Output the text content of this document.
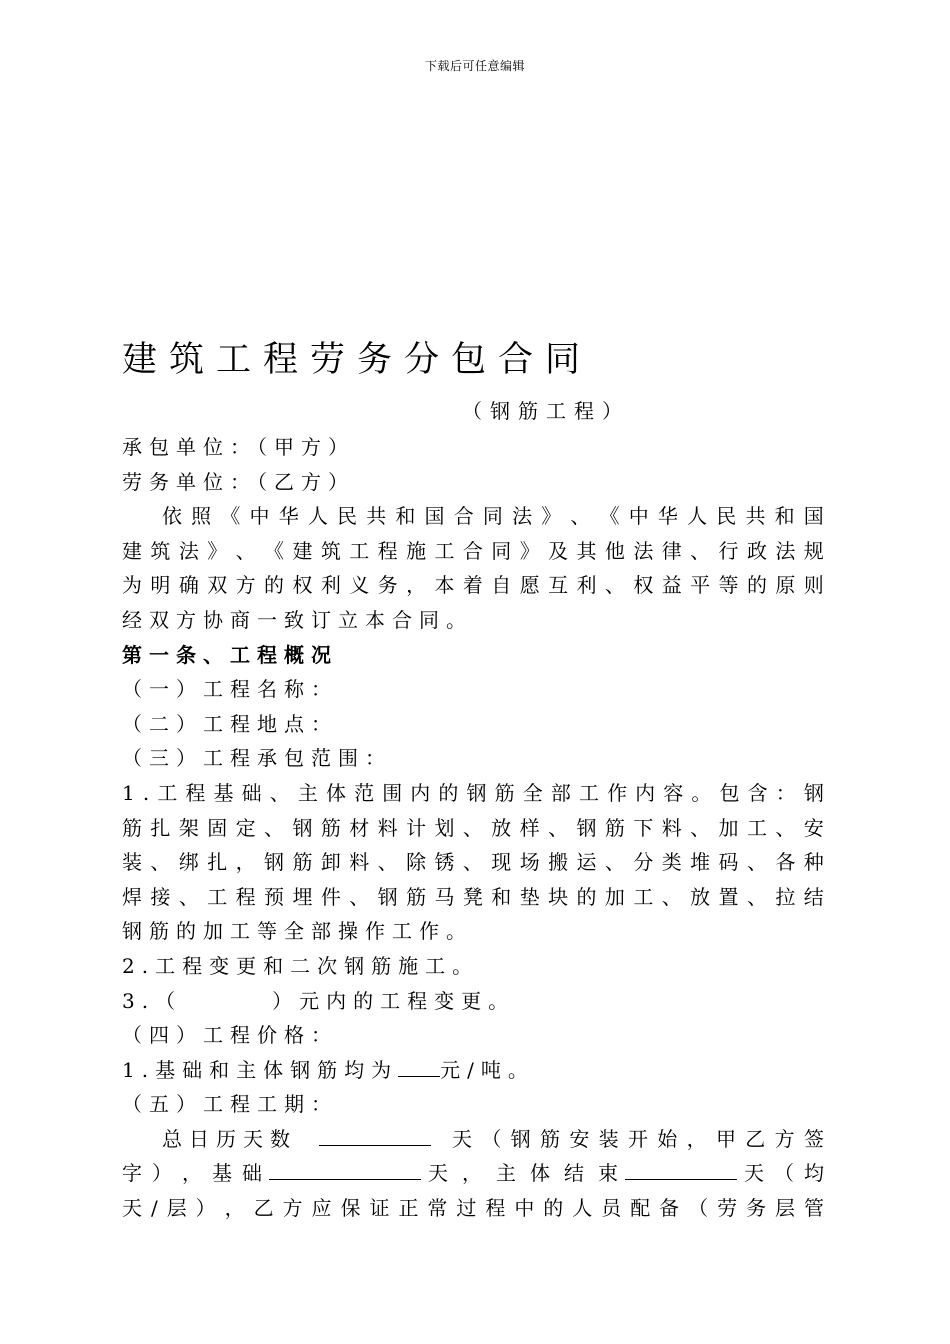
下载后可任意编辑
建筑工程劳务分包合同
（钢筋工程）
承包单位：（甲方）
劳务单位：（乙方）
依 照 《 中 华 人 民 共 和 国 合 同 法 》 、 《 中 华 人 民 共 和 国
建 筑 法 》 、 《 建 筑 工 程 施 工 合 同 》 及 其 他 法 律 、 行 政 法 规
为 明 确 双 方 的 权 利 义 务 ， 本 着 自 愿 互 利 、 权 益 平 等 的 原 则
经双方协商一致订立本合同。
第一条、工程概况
（一）工程名称：
（二）工程地点：
（三）工程承包范围：
1 . 工 程 基 础 、 主 体 范 围 内 的 钢 筋 全 部 工 作 内 容 。 包 含 ： 钢
筋 扎 架 固 定 、 钢 筋 材 料 计 划 、 放 样 、 钢 筋 下 料 、 加 工 、 安
装 、 绑 扎 ， 钢 筋 卸 料 、 除 锈 、 现 场 搬 运 、 分 类 堆 码 、 各 种
焊 接 、 工 程 预 埋 件 、 钢 筋 马 凳 和 垫 块 的 加 工 、 放 置 、 拉 结
钢筋的加工等全部操作工作。
2.工程变更和二次钢筋施工。
3.（	）元内的工程变更。
（四）工程价格：
1.基础和主体钢筋均为 元/吨。
（五）工程工期：
总日历天数	天 （ 钢 筋 安 装 开 始 ， 甲 乙 方 签
字 ） ， 基 础	天 ， 主 体 结 束	天 （ 均
天 / 层 ） ， 乙 方 应 保 证 正 常 过 程 中 的 人 员 配 备 （ 劳 务 层 管
